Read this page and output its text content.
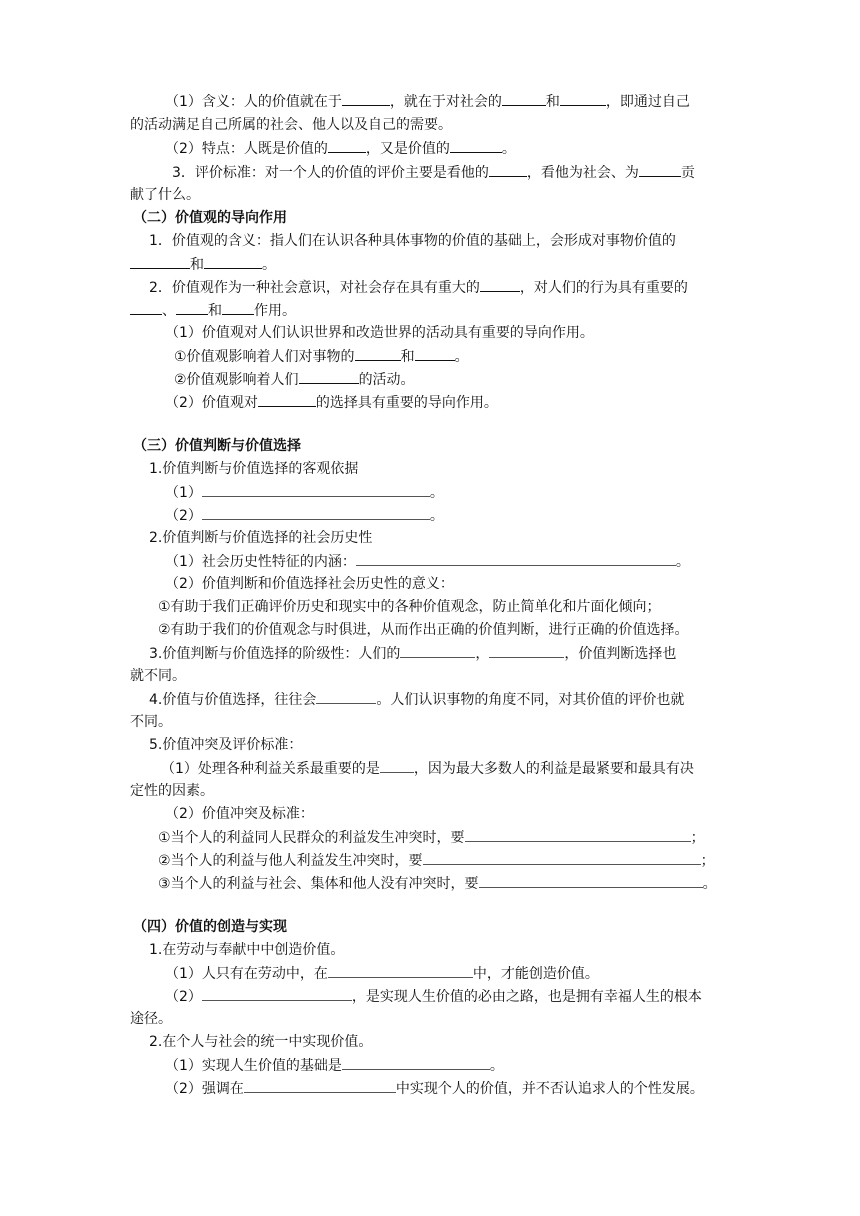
（1）含义：人的价值就在于	，就在于对社会的	和	，即通过自己
的活动满足自己所属的社会、他人以及自己的需要。
（2）特点：人既是价值的	，又是价值的	。
3．评价标准：对一个人的价值的评价主要是看他的	，看他为社会、为	贡
献了什么。
（二）价值观的导向作用
1．价值观的含义：指人们在认识各种具体事物的价值的基础上，会形成对事物价值的
和	。
2．价值观作为一种社会意识，对社会存在具有重大的	，对人们的行为具有重要的
、 和 作用。
（1）价值观对人们认识世界和改造世界的活动具有重要的导向作用。
①价值观影响着人们对事物的	和	。
②价值观影响着人们	的活动。
（2）价值观对	的选择具有重要的导向作用。
（三）价值判断与价值选择
1.价值判断与价值选择的客观依据
（1）	。
（2）	。
2.价值判断与价值选择的社会历史性
（1）社会历史性特征的内涵：	。
（2）价值判断和价值选择社会历史性的意义：
①有助于我们正确评价历史和现实中的各种价值观念，防止简单化和片面化倾向；
②有助于我们的价值观念与时俱进，从而作出正确的价值判断，进行正确的价值选择。
3.价值判断与价值选择的阶级性：人们的	，	，价值判断选择也
就不同。
4.价值与价值选择，往往会	。人们认识事物的角度不同，对其价值的评价也就
不同。
5.价值冲突及评价标准：
（1）处理各种利益关系最重要的是 ，因为最大多数人的利益是最紧要和最具有决
定性的因素。
（2）价值冲突及标准：
①当个人的利益同人民群众的利益发生冲突时，要	；
②当个人的利益与他人利益发生冲突时，要	；
③当个人的利益与社会、集体和他人没有冲突时，要	。
（四）价值的创造与实现
1.在劳动与奉献中中创造价值。
（1）人只有在劳动中，在	中，才能创造价值。
（2）	，是实现人生价值的必由之路，也是拥有幸福人生的根本
途径。
2.在个人与社会的统一中实现价值。
（1）实现人生价值的基础是	。
（2）强调在	中实现个人的价值，并不否认追求人的个性发展。
